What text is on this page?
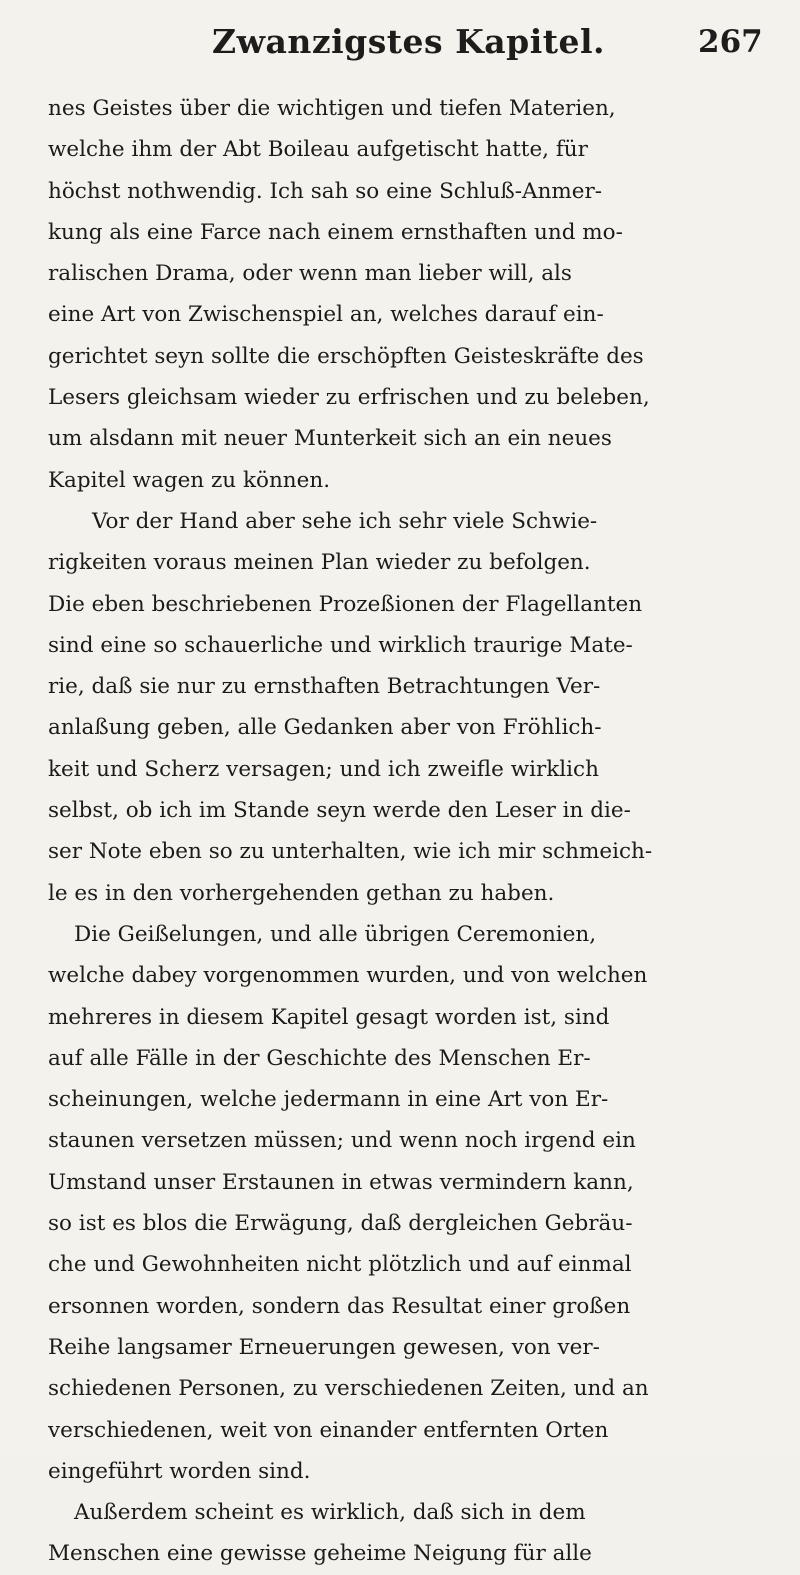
Zwanzigstes Kapitel.	267
nes Geistes über die wichtigen und tiefen Materien,
welche ihm der Abt Boileau aufgetischt hatte, für
höchst nothwendig. Ich sah so eine Schluß-Anmer-
kung als eine Farce nach einem ernsthaften und mo-
ralischen Drama, oder wenn man lieber will, als
eine Art von Zwischenspiel an, welches darauf ein-
gerichtet seyn sollte die erschöpften Geisteskräfte des
Lesers gleichsam wieder zu erfrischen und zu beleben,
um alsdann mit neuer Munterkeit sich an ein neues
Kapitel wagen zu können.
Vor der Hand aber sehe ich sehr viele Schwie-
rigkeiten voraus meinen Plan wieder zu befolgen.
Die eben beschriebenen Prozeßionen der Flagellanten
sind eine so schauerliche und wirklich traurige Mate-
rie, daß sie nur zu ernsthaften Betrachtungen Ver-
anlaßung geben, alle Gedanken aber von Fröhlich-
keit und Scherz versagen; und ich zweifle wirklich
selbst, ob ich im Stande seyn werde den Leser in die-
ser Note eben so zu unterhalten, wie ich mir schmeich-
le es in den vorhergehenden gethan zu haben.
Die Geißelungen, und alle übrigen Ceremonien,
welche dabey vorgenommen wurden, und von welchen
mehreres in diesem Kapitel gesagt worden ist, sind
auf alle Fälle in der Geschichte des Menschen Er-
scheinungen, welche jedermann in eine Art von Er-
staunen versetzen müssen; und wenn noch irgend ein
Umstand unser Erstaunen in etwas vermindern kann,
so ist es blos die Erwägung, daß dergleichen Gebräu-
che und Gewohnheiten nicht plötzlich und auf einmal
ersonnen worden, sondern das Resultat einer großen
Reihe langsamer Erneuerungen gewesen, von ver-
schiedenen Personen, zu verschiedenen Zeiten, und an
verschiedenen, weit von einander entfernten Orten
eingeführt worden sind.
Außerdem scheint es wirklich, daß sich in dem
Menschen eine gewisse geheime Neigung für alle
